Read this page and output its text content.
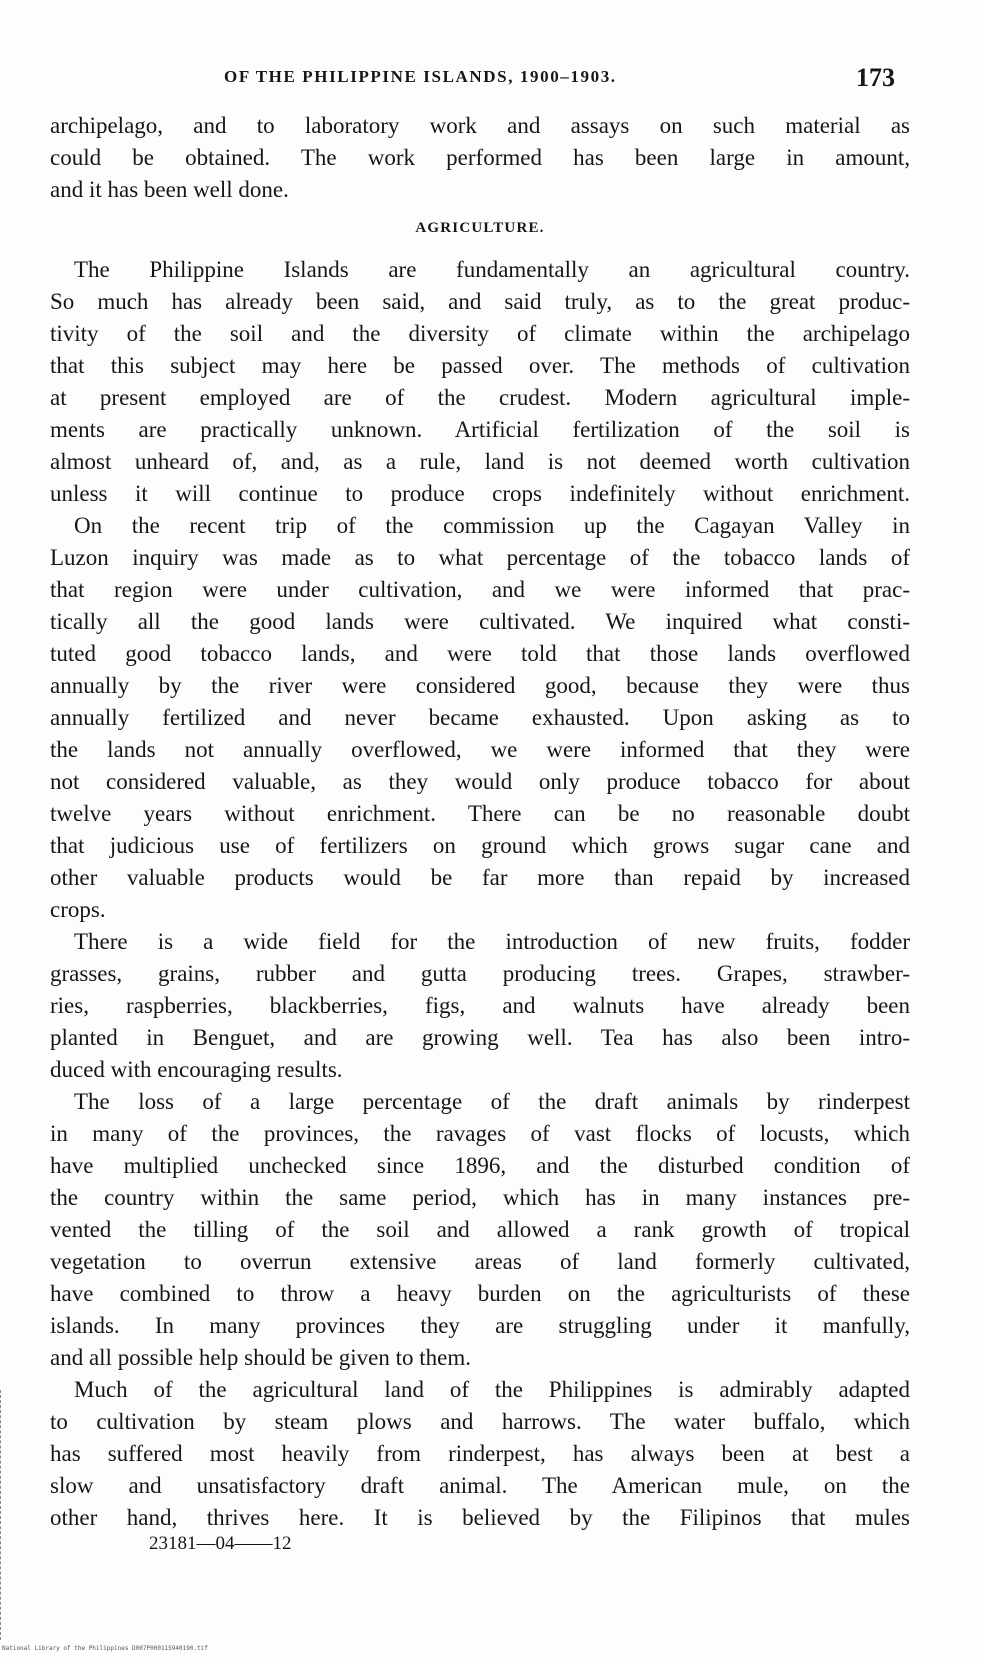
OF THE PHILIPPINE ISLANDS, 1900–1903.	173
archipelago, and to laboratory work and assays on such material as
could be obtained. The work performed has been large in amount,
and it has been well done.
AGRICULTURE.
The Philippine Islands are fundamentally an agricultural country.
So much has already been said, and said truly, as to the great produc-
tivity of the soil and the diversity of climate within the archipelago
that this subject may here be passed over. The methods of cultivation
at present employed are of the crudest. Modern agricultural imple-
ments are practically unknown. Artificial fertilization of the soil is
almost unheard of, and, as a rule, land is not deemed worth cultivation
unless it will continue to produce crops indefinitely without enrichment.
On the recent trip of the commission up the Cagayan Valley in
Luzon inquiry was made as to what percentage of the tobacco lands of
that region were under cultivation, and we were informed that prac-
tically all the good lands were cultivated. We inquired what consti-
tuted good tobacco lands, and were told that those lands overflowed
annually by the river were considered good, because they were thus
annually fertilized and never became exhausted. Upon asking as to
the lands not annually overflowed, we were informed that they were
not considered valuable, as they would only produce tobacco for about
twelve years without enrichment. There can be no reasonable doubt
that judicious use of fertilizers on ground which grows sugar cane and
other valuable products would be far more than repaid by increased
crops.
There is a wide field for the introduction of new fruits, fodder
grasses, grains, rubber and gutta producing trees. Grapes, strawber-
ries, raspberries, blackberries, figs, and walnuts have already been
planted in Benguet, and are growing well. Tea has also been intro-
duced with encouraging results.
The loss of a large percentage of the draft animals by rinderpest
in many of the provinces, the ravages of vast flocks of locusts, which
have multiplied unchecked since 1896, and the disturbed condition of
the country within the same period, which has in many instances pre-
vented the tilling of the soil and allowed a rank growth of tropical
vegetation to overrun extensive areas of land formerly cultivated,
have combined to throw a heavy burden on the agriculturists of these
islands. In many provinces they are struggling under it manfully,
and all possible help should be given to them.
Much of the agricultural land of the Philippines is admirably adapted
to cultivation by steam plows and harrows. The water buffalo, which
has suffered most heavily from rinderpest, has always been at best a
slow and unsatisfactory draft animal. The American mule, on the
other hand, thrives here. It is believed by the Filipinos that mules
23181—04——12
National Library of the Philippines D007P000115940190.tif
